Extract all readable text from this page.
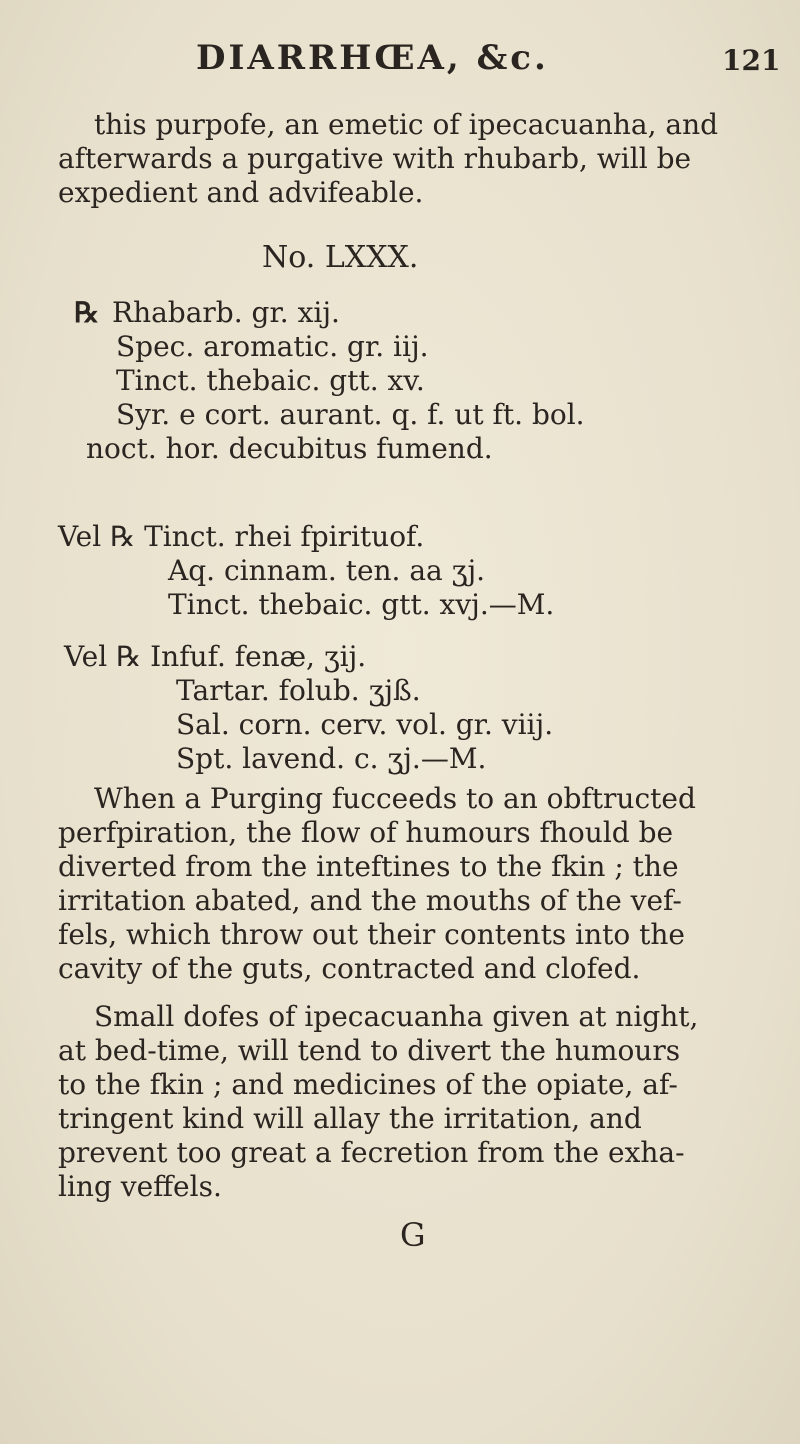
DIARRHŒA, &c.	121

this purpofe, an emetic of ipecacuanha, and
afterwards a purgative with rhubarb, will be
expedient and advifeable.

No. LXXX.
℞ Rhabarb. gr. xij.
Spec. aromatic. gr. iij.
Tinct. thebaic. gtt. xv.
Syr. e cort. aurant. q. f. ut ft. bol.
noct. hor. decubitus fumend.
Vel ℞ Tinct. rhei fpirituof.
Aq. cinnam. ten. aa ʒj.
Tinct. thebaic. gtt. xvj.—M.
Vel ℞ Infuf. fenæ, ʒij.
Tartar. folub. ʒjß.
Sal. corn. cerv. vol. gr. viij.
Spt. lavend. c. ʒj.—M.

When a Purging fucceeds to an obftructed
perfpiration, the flow of humours fhould be
diverted from the inteftines to the fkin ; the
irritation abated, and the mouths of the vef-
fels, which throw out their contents into the
cavity of the guts, contracted and clofed.

Small dofes of ipecacuanha given at night,
at bed-time, will tend to divert the humours
to the fkin ; and medicines of the opiate, af-
tringent kind will allay the irritation, and
prevent too great a fecretion from the exha-
ling veffels.

G
